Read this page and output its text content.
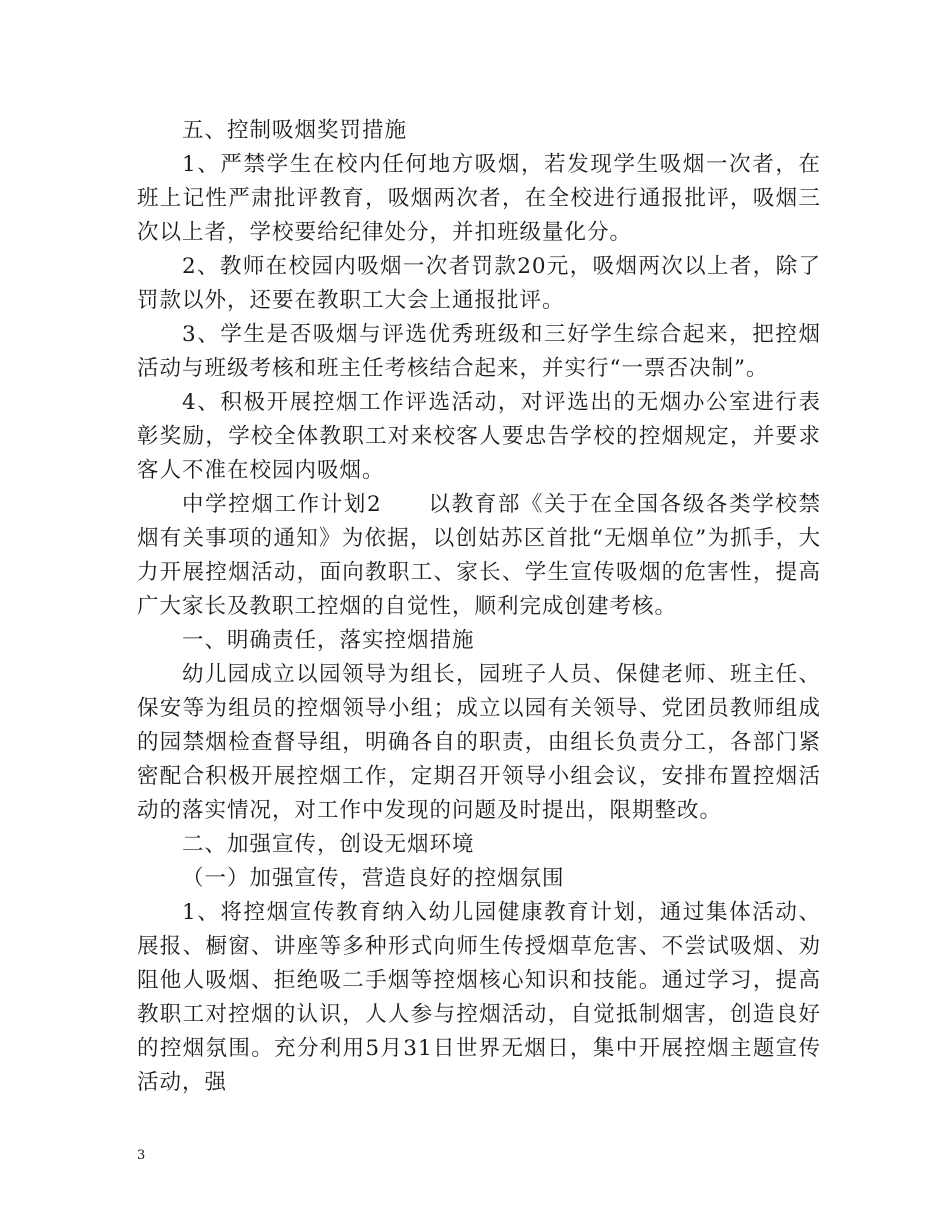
五、控制吸烟奖罚措施

1、严禁学生在校内任何地方吸烟，若发现学生吸烟一次者，在班上记性严肃批评教育，吸烟两次者，在全校进行通报批评，吸烟三次以上者，学校要给纪律处分，并扣班级量化分。

2、教师在校园内吸烟一次者罚款20元，吸烟两次以上者，除了罚款以外，还要在教职工大会上通报批评。

3、学生是否吸烟与评选优秀班级和三好学生综合起来，把控烟活动与班级考核和班主任考核结合起来，并实行“一票否决制”。

4、积极开展控烟工作评选活动，对评选出的无烟办公室进行表彰奖励，学校全体教职工对来校客人要忠告学校的控烟规定，并要求客人不准在校园内吸烟。

中学控烟工作计划2　　以教育部《关于在全国各级各类学校禁烟有关事项的通知》为依据，以创姑苏区首批“无烟单位”为抓手，大力开展控烟活动，面向教职工、家长、学生宣传吸烟的危害性，提高广大家长及教职工控烟的自觉性，顺利完成创建考核。

一、明确责任，落实控烟措施

幼儿园成立以园领导为组长，园班子人员、保健老师、班主任、保安等为组员的控烟领导小组；成立以园有关领导、党团员教师组成的园禁烟检查督导组，明确各自的职责，由组长负责分工，各部门紧密配合积极开展控烟工作，定期召开领导小组会议，安排布置控烟活动的落实情况，对工作中发现的问题及时提出，限期整改。

二、加强宣传，创设无烟环境

（一）加强宣传，营造良好的控烟氛围

1、将控烟宣传教育纳入幼儿园健康教育计划，通过集体活动、展报、橱窗、讲座等多种形式向师生传授烟草危害、不尝试吸烟、劝阻他人吸烟、拒绝吸二手烟等控烟核心知识和技能。通过学习，提高教职工对控烟的认识，人人参与控烟活动，自觉抵制烟害，创造良好的控烟氛围。充分利用5月31日世界无烟日，集中开展控烟主题宣传活动，强

3
